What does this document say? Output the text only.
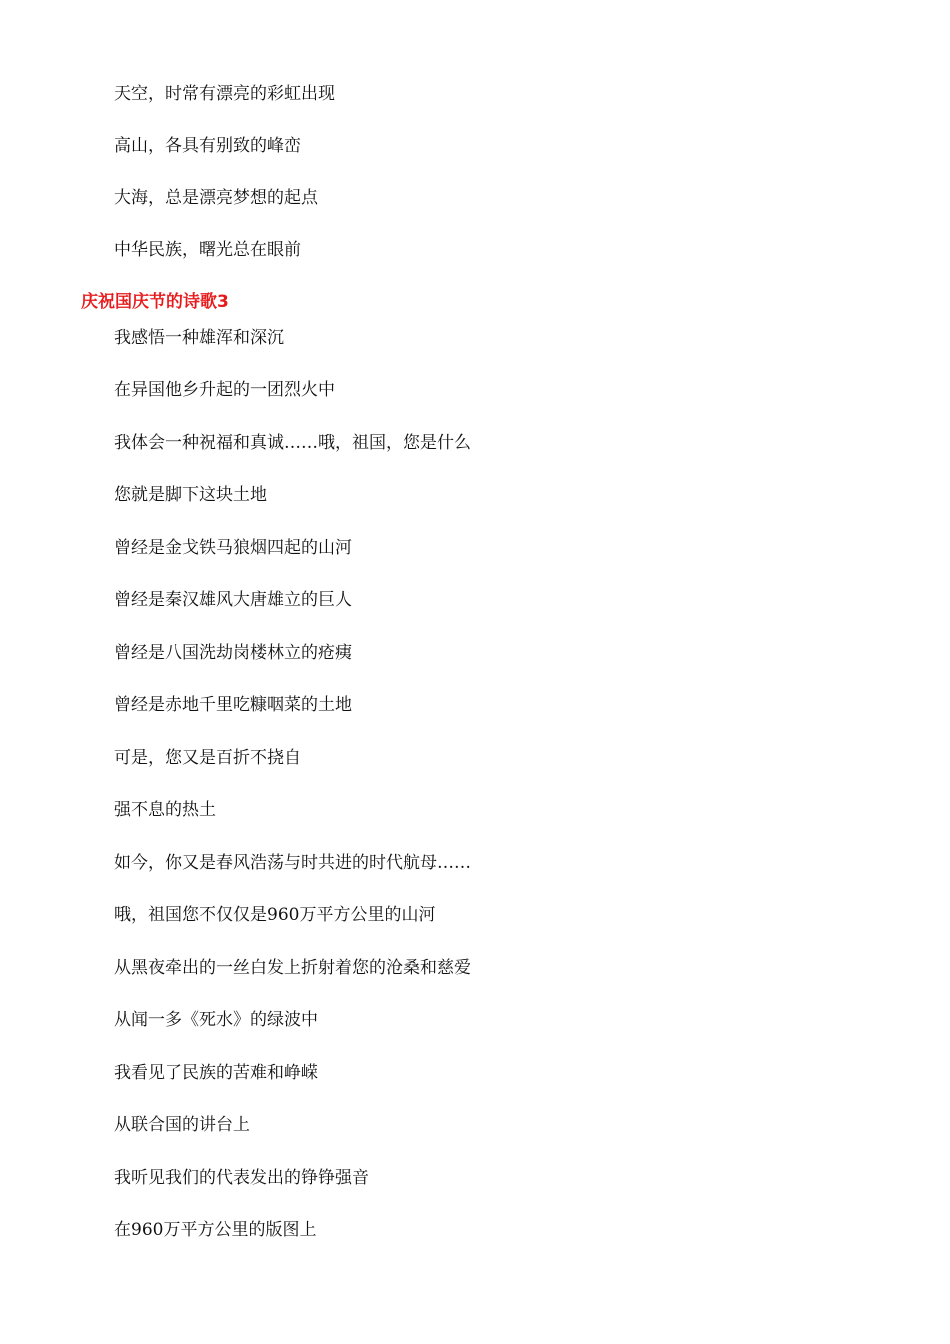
天空，时常有漂亮的彩虹出现
高山，各具有别致的峰峦
大海，总是漂亮梦想的起点
中华民族，曙光总在眼前
庆祝国庆节的诗歌3
我感悟一种雄浑和深沉
在异国他乡升起的一团烈火中
我体会一种祝福和真诚……哦，祖国，您是什么
您就是脚下这块土地
曾经是金戈铁马狼烟四起的山河
曾经是秦汉雄风大唐雄立的巨人
曾经是八国洗劫岗楼林立的疮痍
曾经是赤地千里吃糠咽菜的土地
可是，您又是百折不挠自
强不息的热土
如今，你又是春风浩荡与时共进的时代航母……
哦，祖国您不仅仅是960万平方公里的山河
从黑夜牵出的一丝白发上折射着您的沧桑和慈爱
从闻一多《死水》的绿波中
我看见了民族的苦难和峥嵘
从联合国的讲台上
我听见我们的代表发出的铮铮强音
在960万平方公里的版图上
